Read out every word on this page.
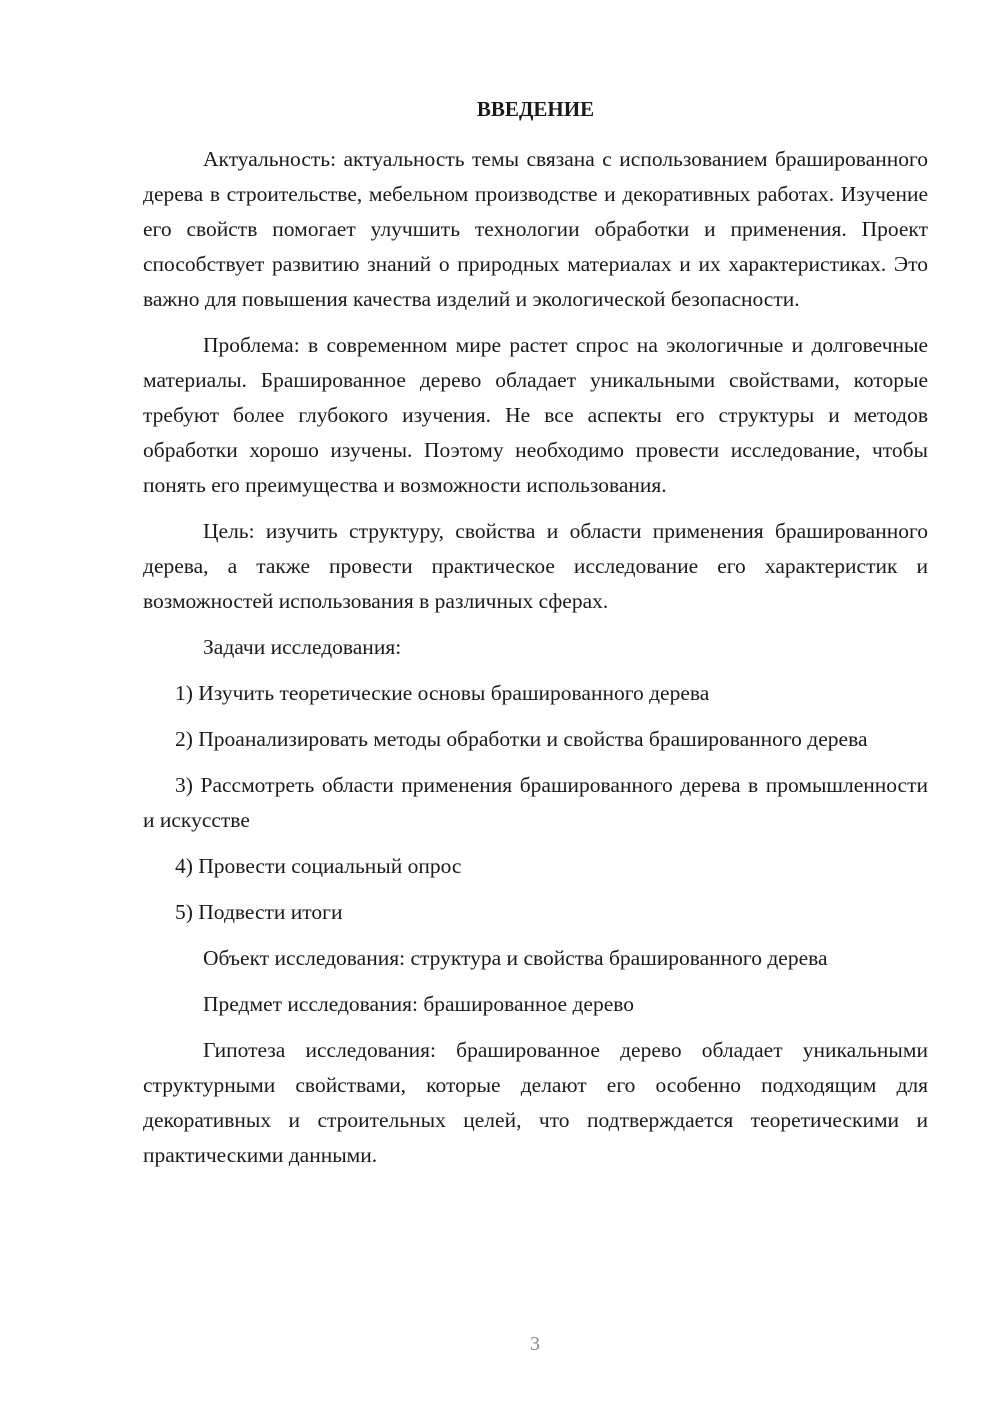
ВВЕДЕНИЕ

Актуальность: актуальность темы связана с использованием брашированного дерева в строительстве, мебельном производстве и декоративных работах. Изучение его свойств помогает улучшить технологии обработки и применения. Проект способствует развитию знаний о природных материалах и их характеристиках. Это важно для повышения качества изделий и экологической безопасности.

Проблема: в современном мире растет спрос на экологичные и долговечные материалы. Брашированное дерево обладает уникальными свойствами, которые требуют более глубокого изучения. Не все аспекты его структуры и методов обработки хорошо изучены. Поэтому необходимо провести исследование, чтобы понять его преимущества и возможности использования.

Цель: изучить структуру, свойства и области применения брашированного дерева, а также провести практическое исследование его характеристик и возможностей использования в различных сферах.

Задачи исследования:

1) Изучить теоретические основы брашированного дерева

2) Проанализировать методы обработки и свойства брашированного дерева

3) Рассмотреть области применения брашированного дерева в промышленности и искусстве

4) Провести социальный опрос

5) Подвести итоги

Объект исследования: структура и свойства брашированного дерева

Предмет исследования: брашированное дерево

Гипотеза исследования: брашированное дерево обладает уникальными структурными свойствами, которые делают его особенно подходящим для декоративных и строительных целей, что подтверждается теоретическими и практическими данными.

3
